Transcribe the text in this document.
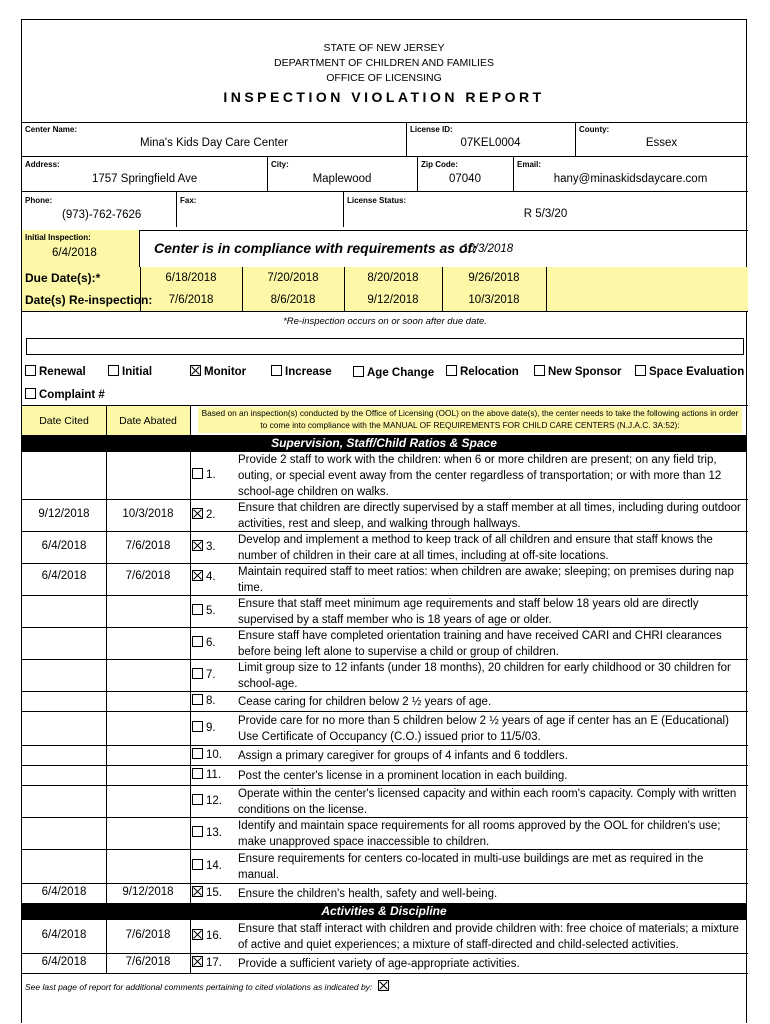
STATE OF NEW JERSEY
DEPARTMENT OF CHILDREN AND FAMILIES
OFFICE OF LICENSING
INSPECTION VIOLATION REPORT
Center Name:
Mina's Kids Day Care Center
License ID:
07KEL0004
County:
Essex
Address:
1757 Springfield Ave
City:
Maplewood
Zip Code:
07040
Email:
hany@minaskidsdaycare.com
Phone:
(973)-762-7626
Fax:	License Status:
R 5/3/20
Initial Inspection:
6/4/2018	Center is in compliance with requirements as of:
10/3/2018
Due Date(s):*	6/18/2018	7/20/2018	8/20/2018	9/26/2018
Date(s) Re-inspection:	7/6/2018	8/6/2018	9/12/2018	10/3/2018
*Re-inspection occurs on or soon after due date.
Renewal	Initial	Monitor	Increase	Age Change	Relocation	New Sponsor	Space Evaluation
Complaint #
Date Cited	Date Abated
Based on an inspection(s) conducted by the Office of Licensing (OOL) on the above date(s), the center needs to take the following actions in order to come into compliance with the MANUAL OF REQUIREMENTS FOR CHILD CARE CENTERS (N.J.A.C. 3A:52):
Supervision, Staff/Child Ratios & Space
1.
Provide 2 staff to work with the children: when 6 or more children are present; on any field trip, outing, or special event away from the center regardless of transportation; or with more than 12 school-age children on walks.
9/12/2018	10/3/2018	2.
Ensure that children are directly supervised by a staff member at all times, including during outdoor activities, rest and sleep, and walking through hallways.
6/4/2018	7/6/2018	3.
Develop and implement a method to keep track of all children and ensure that staff knows the number of children in their care at all times, including at off-site locations.
6/4/2018	7/6/2018	4. Maintain required staff to meet ratios: when children are awake; sleeping; on premises during nap time.
5.
Ensure that staff meet minimum age requirements and staff below 18 years old are directly supervised by a staff member who is 18 years of age or older.
6.
Ensure staff have completed orientation training and have received CARI and CHRI clearances before being left alone to supervise a child or group of children.
7.
Limit group size to 12 infants (under 18 months), 20 children for early childhood or 30 children for school-age.
8. Cease caring for children below 2 ½ years of age.
9.
Provide care for no more than 5 children below 2 ½ years of age if center has an E (Educational) Use Certificate of Occupancy (C.O.) issued prior to 11/5/03.
10. Assign a primary caregiver for groups of 4 infants and 6 toddlers.
11. Post the center's license in a prominent location in each building.
12.
Operate within the center's licensed capacity and within each room's capacity. Comply with written conditions on the license.
13.
Identify and maintain space requirements for all rooms approved by the OOL for children's use; make unapproved space inaccessible to children.
14.
Ensure requirements for centers co-located in multi-use buildings are met as required in the manual.
6/4/2018	9/12/2018	15. Ensure the children's health, safety and well-being.
Activities & Discipline
6/4/2018	7/6/2018	16.
Ensure that staff interact with children and provide children with: free choice of materials; a mixture of active and quiet experiences; a mixture of staff-directed and child-selected activities.
6/4/2018	7/6/2018	17. Provide a sufficient variety of age-appropriate activities.
See last page of report for additional comments pertaining to cited violations as indicated by:
